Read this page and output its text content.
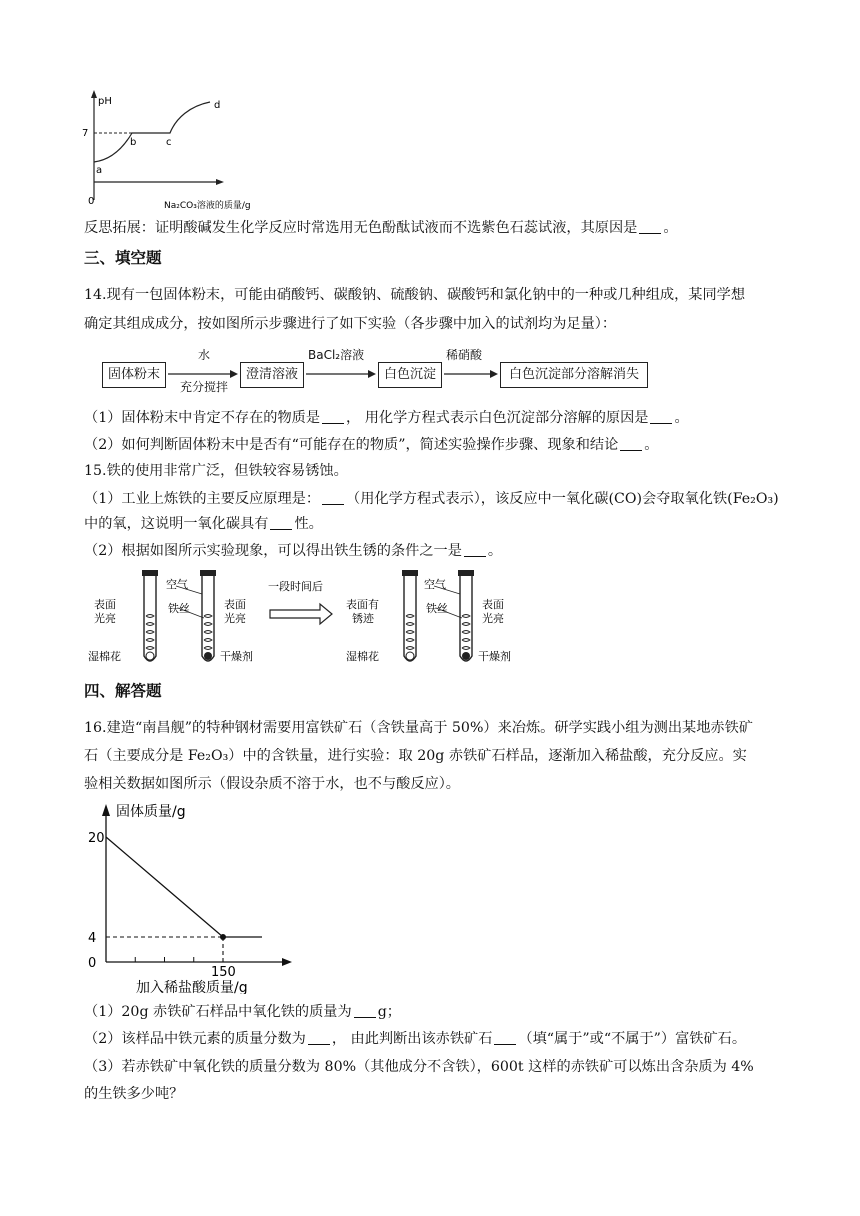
pH
7
0
a
b	c
d
Na₂CO₃溶液的质量/g
反思拓展：证明酸碱发生化学反应时常选用无色酚酞试液而不选紫色石蕊试液，其原因是 。
三、填空题
14.现有一包固体粉末，可能由硝酸钙、碳酸钠、硫酸钠、碳酸钙和氯化钠中的一种或几种组成，某同学想
确定其组成成分，按如图所示步骤进行了如下实验（各步骤中加入的试剂均为足量）：
固体粉末
水
充分搅拌
澄清溶液
BaCl₂溶液
白色沉淀
稀硝酸
白色沉淀部分溶解消失
（1）固体粉末中肯定不存在的物质是 ， 用化学方程式表示白色沉淀部分溶解的原因是 。
（2）如何判断固体粉末中是否有“可能存在的物质”，简述实验操作步骤、现象和结论 。
15.铁的使用非常广泛，但铁较容易锈蚀。
（1）工业上炼铁的主要反应原理是： （用化学方程式表示），该反应中一氧化碳(CO)会夺取氧化铁(Fe₂O₃)
中的氧，这说明一氧化碳具有 性。
（2）根据如图所示实验现象，可以得出铁生锈的条件之一是 。
空气
铁丝
表面
光亮
表面
光亮
湿棉花	干燥剂
一段时间后	空气
铁丝
表面有
锈迹
表面
光亮
湿棉花	干燥剂
四、解答题
16.建造“南昌舰”的特种钢材需要用富铁矿石（含铁量高于 50%）来冶炼。研学实践小组为测出某地赤铁矿
石（主要成分是 Fe₂O₃）中的含铁量，进行实验：取 20g 赤铁矿石样品，逐渐加入稀盐酸，充分反应。实
验相关数据如图所示（假设杂质不溶于水，也不与酸反应）。
固体质量/g
加入稀盐酸质量/g
20
4
0
150
（1）20g 赤铁矿石样品中氧化铁的质量为 g；
（2）该样品中铁元素的质量分数为 ， 由此判断出该赤铁矿石 （填“属于”或“不属于”）富铁矿石。
（3）若赤铁矿中氧化铁的质量分数为 80%（其他成分不含铁），600t 这样的赤铁矿可以炼出含杂质为 4%
的生铁多少吨？
